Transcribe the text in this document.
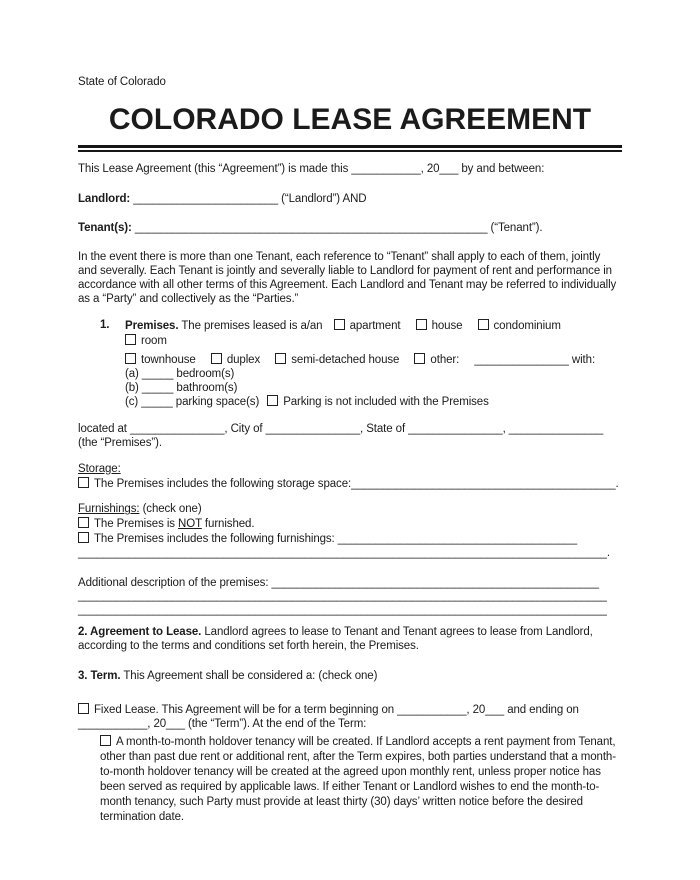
State of Colorado
COLORADO LEASE AGREEMENT
This Lease Agreement (this “Agreement”) is made this ___________, 20___ by and between:
Landlord: _______________________ (“Landlord”) AND
Tenant(s): ________________________________________________________ (“Tenant”).
In the event there is more than one Tenant, each reference to “Tenant” shall apply to each of them, jointly and severally. Each Tenant is jointly and severally liable to Landlord for payment of rent and performance in accordance with all other terms of this Agreement. Each Landlord and Tenant may be referred to individually as a “Party” and collectively as the “Parties.”
1.	Premises. The premises leased is a/an apartment	house	condominium room
townhouse	duplex	semi-detached house	other: _______________ with:
(a) _____ bedroom(s)
(b) _____ bathroom(s)
(c) _____ parking space(s) Parking is not included with the Premises
located at _______________, City of _______________, State of _______________, _______________
(the “Premises”).
Storage:
The Premises includes the following storage space:__________________________________________.
Furnishings: (check one)
The Premises is NOT furnished.
The Premises includes the following furnishings: ______________________________________
____________________________________________________________________________________.
Additional description of the premises: ____________________________________________________
____________________________________________________________________________________
____________________________________________________________________________________
2. Agreement to Lease. Landlord agrees to lease to Tenant and Tenant agrees to lease from Landlord, according to the terms and conditions set forth herein, the Premises.
3. Term. This Agreement shall be considered a: (check one)
Fixed Lease. This Agreement will be for a term beginning on ___________, 20___ and ending on ___________, 20___ (the “Term”). At the end of the Term:
A month-to-month holdover tenancy will be created. If Landlord accepts a rent payment from Tenant, other than past due rent or additional rent, after the Term expires, both parties understand that a month-to-month holdover tenancy will be created at the agreed upon monthly rent, unless proper notice has been served as required by applicable laws. If either Tenant or Landlord wishes to end the month-to-month tenancy, such Party must provide at least thirty (30) days’ written notice before the desired termination date.
